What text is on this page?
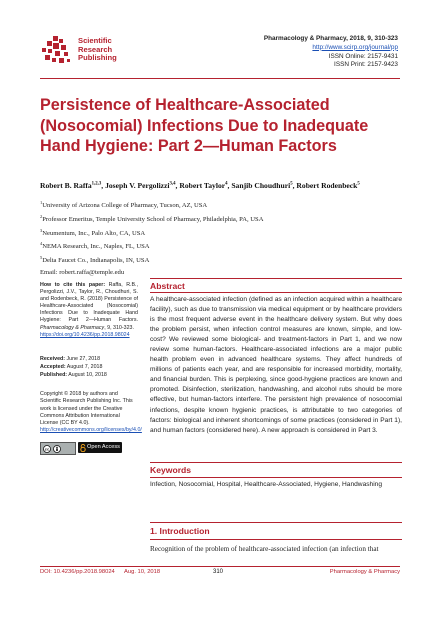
Scientific
Research
Publishing
Pharmacology & Pharmacy, 2018, 9, 310-323
http://www.scirp.org/journal/pp
ISSN Online: 2157-9431
ISSN Print: 2157-9423
Persistence of Healthcare-Associated
(Nosocomial) Infections Due to Inadequate
Hand Hygiene: Part 2—Human Factors
Robert B. Raffa$^{1,2,3}$, Joseph V. Pergolizzi$^{3,4}$, Robert Taylor$^4$, Sanjib Choudhuri$^5$, Robert Rodenbeck$^5$
$^1$University of Arizona College of Pharmacy, Tucson, AZ, USA
$^2$Professor Emeritus, Temple University School of Pharmacy, Philadelphia, PA, USA
$^3$Neumentum, Inc., Palo Alto, CA, USA
$^4$NEMA Research, Inc., Naples, FL, USA
$^5$Delta Faucet Co., Indianapolis, IN, USA
Email: robert.raffa@temple.edu
How to cite this paper: Raffa, R.B., Pergolizzi, J.V., Taylor, R., Choudhuri, S. and Rodenbeck, R. (2018) Persistence of Healthcare-Associated (Nosocomial) Infections Due to Inadequate Hand Hygiene: Part 2—Human Factors. Pharmacology & Pharmacy, 9, 310-323.
https://doi.org/10.4236/pp.2018.98024
Received: June 27, 2018
Accepted: August 7, 2018
Published: August 10, 2018
Copyright © 2018 by authors and Scientific Research Publishing Inc. This work is licensed under the Creative Commons Attribution International License (CC BY 4.0).
http://creativecommons.org/licenses/by/4.0/
cc	Open Access
Abstract
A healthcare-associated infection (defined as an infection acquired within a healthcare facility), such as due to transmission via medical equipment or by healthcare providers is the most frequent adverse event in the healthcare delivery system. But why does the problem persist, when infection control measures are known, simple, and low-cost? We reviewed some biological- and treatment-factors in Part 1, and we now review some human-factors. Healthcare-associated infections are a major public health problem even in advanced healthcare systems. They affect hundreds of millions of patients each year, and are responsible for increased morbidity, mortality, and financial burden. This is perplexing, since good-hygiene practices are known and promoted. Disinfection, sterilization, handwashing, and alcohol rubs should be more effective, but human-factors interfere. The persistent high prevalence of nosocomial infections, despite known hygienic practices, is attributable to two categories of factors: biological and inherent shortcomings of some practices (considered in Part 1), and human factors (considered here). A new approach is considered in Part 3.
Keywords
Infection, Nosocomial, Hospital, Healthcare-Associated, Hygiene, Handwashing
1. Introduction
Recognition of the problem of healthcare-associated infection (an infection that
DOI: 10.4236/pp.2018.98024 Aug. 10, 2018	310	Pharmacology & Pharmacy
